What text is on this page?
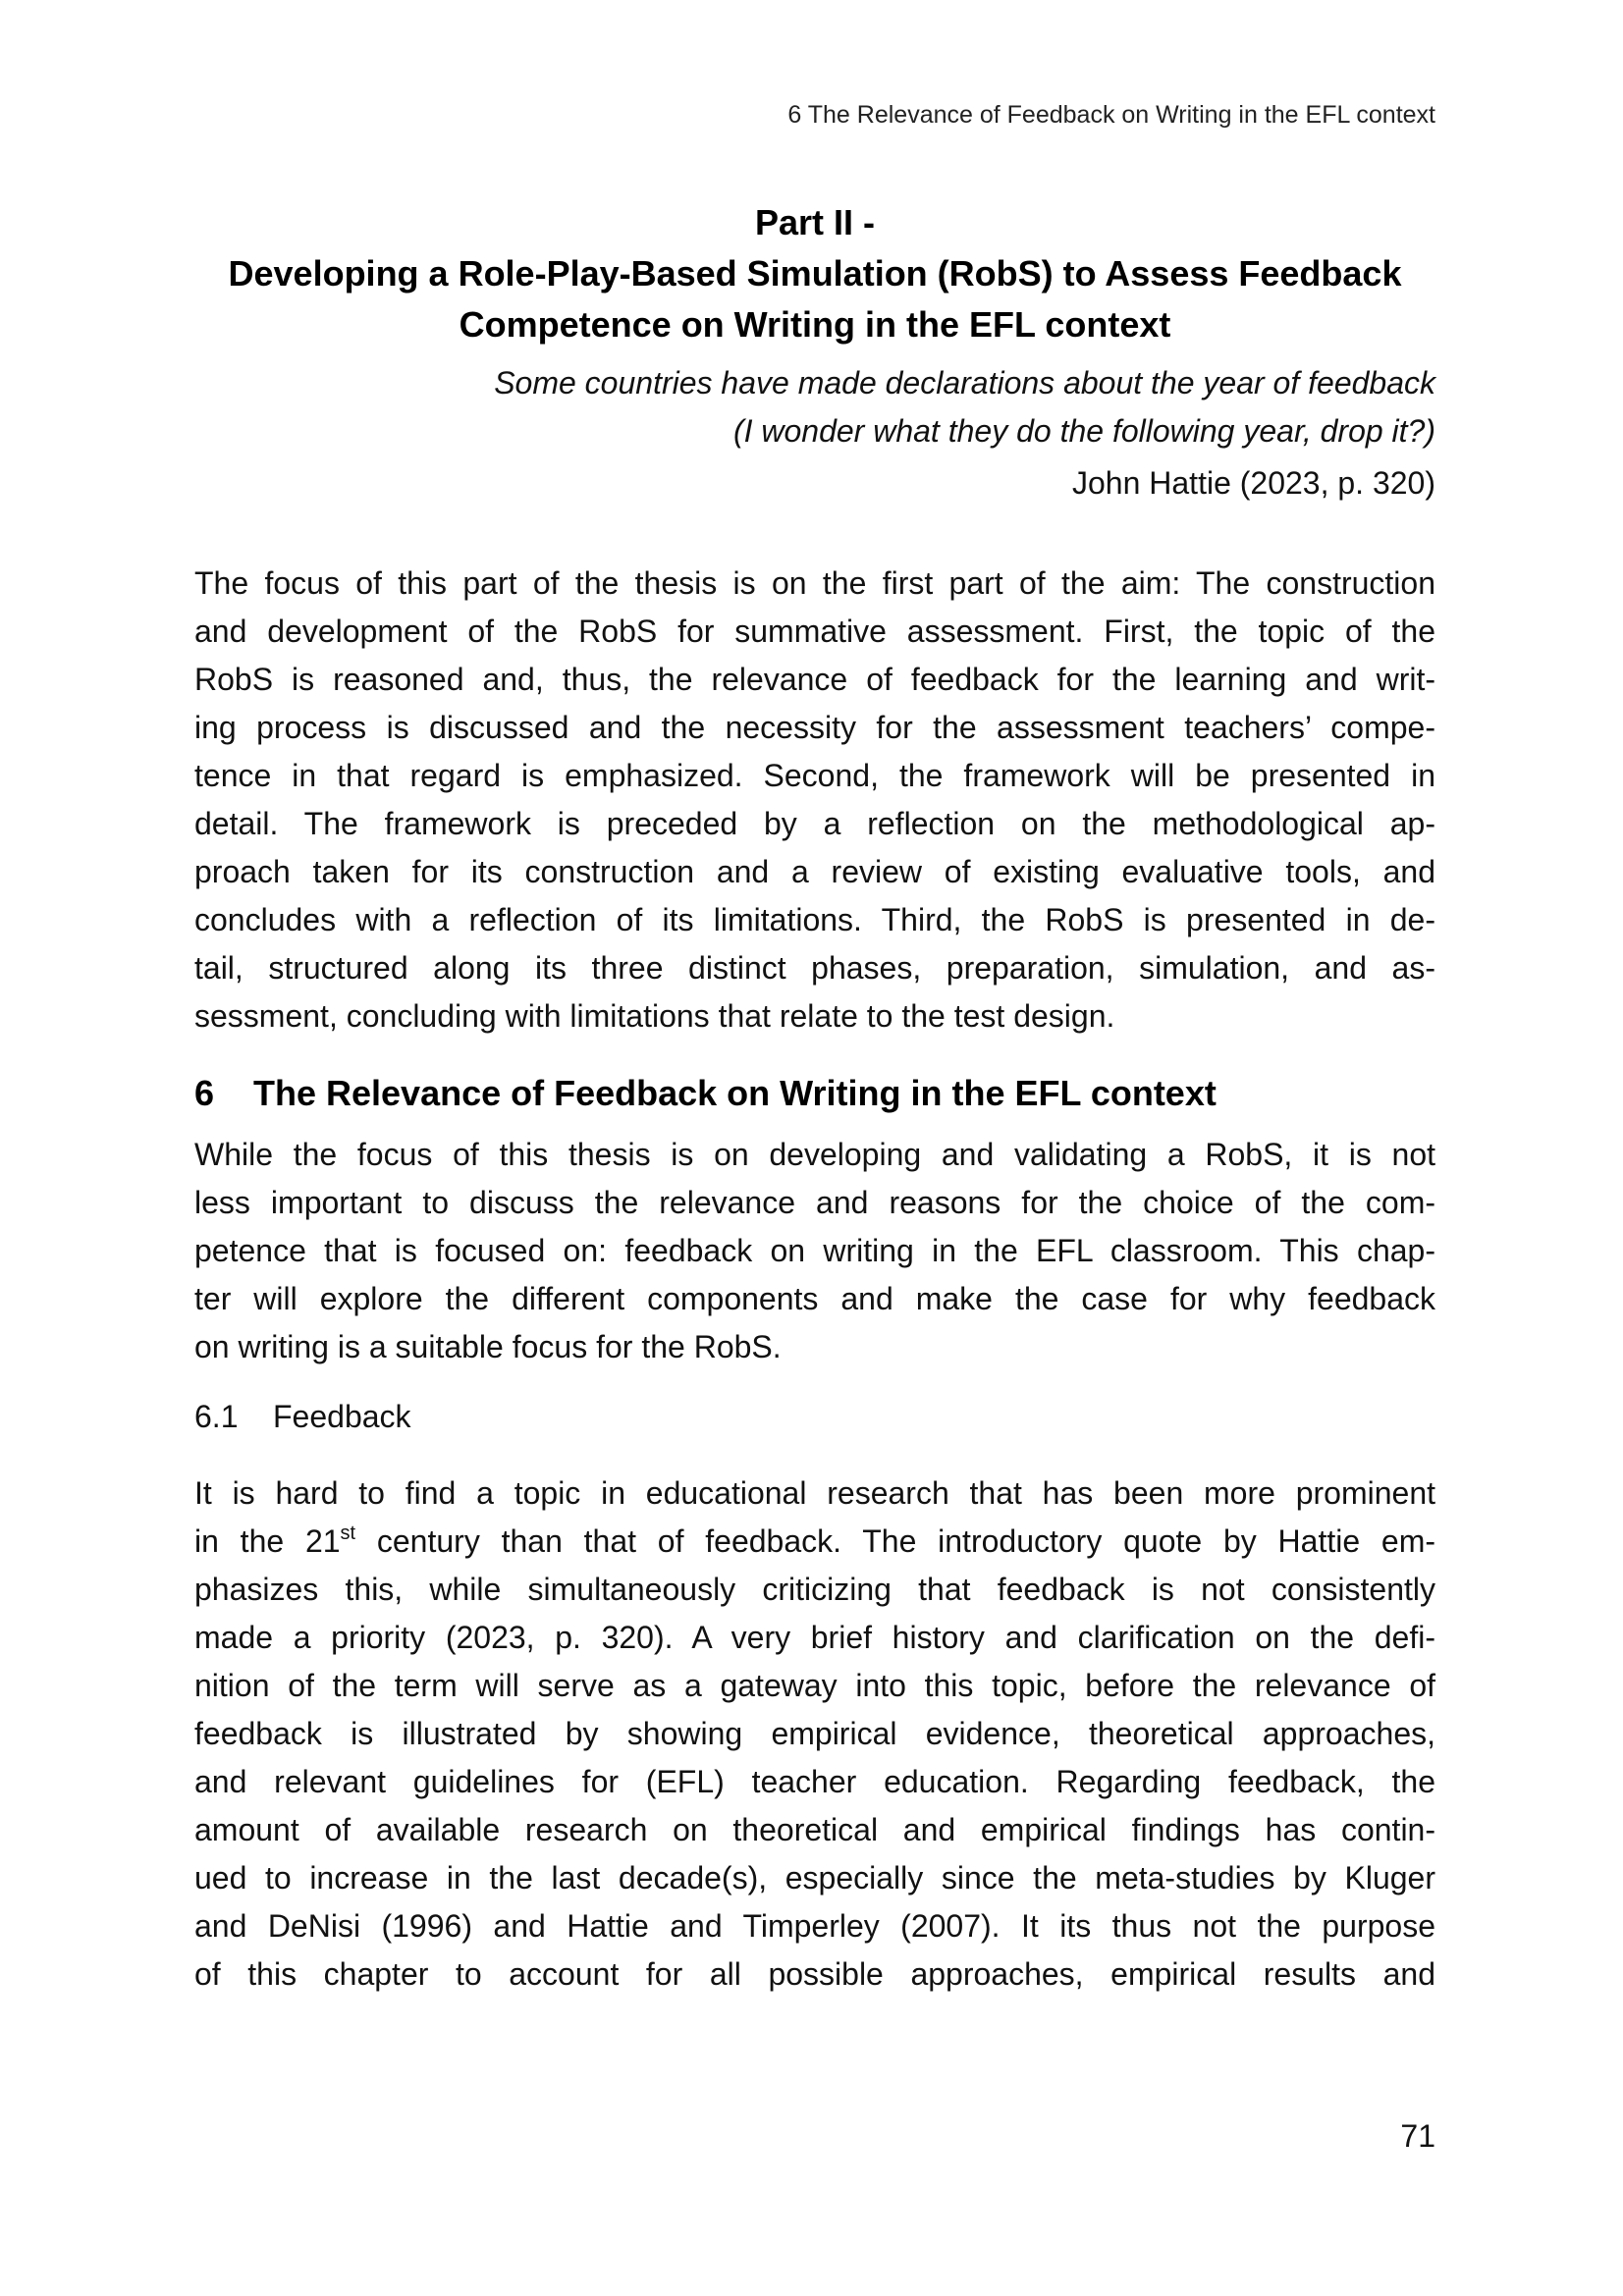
6 The Relevance of Feedback on Writing in the EFL context
Part II -
Developing a Role-Play-Based Simulation (RobS) to Assess Feedback
Competence on Writing in the EFL context
Some countries have made declarations about the year of feedback
(I wonder what they do the following year, drop it?)
John Hattie (2023, p. 320)

The focus of this part of the thesis is on the first part of the aim: The construction
and development of the RobS for summative assessment. First, the topic of the
RobS is reasoned and, thus, the relevance of feedback for the learning and writ-
ing process is discussed and the necessity for the assessment teachers’ compe-
tence in that regard is emphasized. Second, the framework will be presented in
detail. The framework is preceded by a reflection on the methodological ap-
proach taken for its construction and a review of existing evaluative tools, and
concludes with a reflection of its limitations. Third, the RobS is presented in de-
tail, structured along its three distinct phases, preparation, simulation, and as-
sessment, concluding with limitations that relate to the test design.

6 The Relevance of Feedback on Writing in the EFL context

While the focus of this thesis is on developing and validating a RobS, it is not
less important to discuss the relevance and reasons for the choice of the com-
petence that is focused on: feedback on writing in the EFL classroom. This chap-
ter will explore the different components and make the case for why feedback
on writing is a suitable focus for the RobS.

6.1 Feedback

It is hard to find a topic in educational research that has been more prominent
in the 21st century than that of feedback. The introductory quote by Hattie em-
phasizes this, while simultaneously criticizing that feedback is not consistently
made a priority (2023, p. 320). A very brief history and clarification on the defi-
nition of the term will serve as a gateway into this topic, before the relevance of
feedback is illustrated by showing empirical evidence, theoretical approaches,
and relevant guidelines for (EFL) teacher education. Regarding feedback, the
amount of available research on theoretical and empirical findings has contin-
ued to increase in the last decade(s), especially since the meta-studies by Kluger
and DeNisi (1996) and Hattie and Timperley (2007). It its thus not the purpose
of this chapter to account for all possible approaches, empirical results and

71
